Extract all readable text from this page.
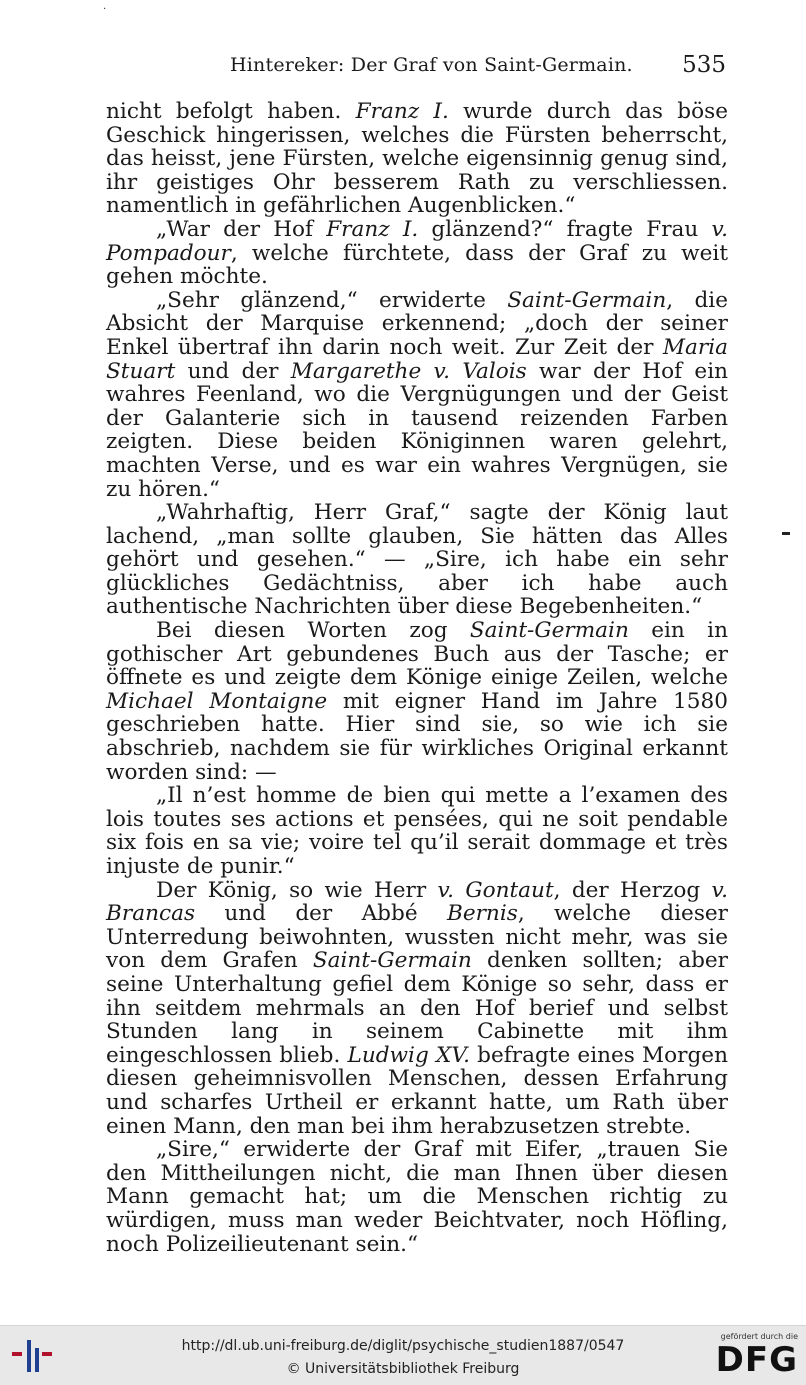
·
Hintereker: Der Graf von Saint-Germain. 535

nicht befolgt haben. Franz I. wurde durch das böse Geschick hingerissen, welches die Fürsten beherrscht, das heisst, jene Fürsten, welche eigensinnig genug sind, ihr geistiges Ohr besserem Rath zu verschliessen. namentlich in gefährlichen Augenblicken.“

„War der Hof Franz I. glänzend?“ fragte Frau v. Pompadour, welche fürchtete, dass der Graf zu weit gehen möchte.

„Sehr glänzend,“ erwiderte Saint-Germain, die Absicht der Marquise erkennend; „doch der seiner Enkel übertraf ihn darin noch weit. Zur Zeit der Maria Stuart und der Margarethe v. Valois war der Hof ein wahres Feenland, wo die Vergnügungen und der Geist der Galanterie sich in tausend reizenden Farben zeigten. Diese beiden Königinnen waren gelehrt, machten Verse, und es war ein wahres Vergnügen, sie zu hören.“

„Wahrhaftig, Herr Graf,“ sagte der König laut lachend, „man sollte glauben, Sie hätten das Alles gehört und gesehen.“ — „Sire, ich habe ein sehr glückliches Gedächtniss, aber ich habe auch authentische Nachrichten über diese Begebenheiten.“

Bei diesen Worten zog Saint-Germain ein in gothischer Art gebundenes Buch aus der Tasche; er öffnete es und zeigte dem Könige einige Zeilen, welche Michael Montaigne mit eigner Hand im Jahre 1580 geschrieben hatte. Hier sind sie, so wie ich sie abschrieb, nachdem sie für wirkliches Original erkannt worden sind: —

„Il n’est homme de bien qui mette a l’examen des lois toutes ses actions et pensées, qui ne soit pendable six fois en sa vie; voire tel qu’il serait dommage et très injuste de punir.“

Der König, so wie Herr v. Gontaut, der Herzog v. Brancas und der Abbé Bernis, welche dieser Unterredung beiwohnten, wussten nicht mehr, was sie von dem Grafen Saint-Germain denken sollten; aber seine Unterhaltung gefiel dem Könige so sehr, dass er ihn seitdem mehrmals an den Hof berief und selbst Stunden lang in seinem Cabinette mit ihm eingeschlossen blieb. Ludwig XV. befragte eines Morgen diesen geheimnisvollen Menschen, dessen Erfahrung und scharfes Urtheil er erkannt hatte, um Rath über einen Mann, den man bei ihm herabzusetzen strebte.

„Sire,“ erwiderte der Graf mit Eifer, „trauen Sie den Mittheilungen nicht, die man Ihnen über diesen Mann gemacht hat; um die Menschen richtig zu würdigen, muss man weder Beichtvater, noch Höfling, noch Polizeilieutenant sein.“

http://dl.ub.uni-freiburg.de/diglit/psychische_studien1887/0547
© Universitätsbibliothek Freiburg
gefördert durch die
DFG
